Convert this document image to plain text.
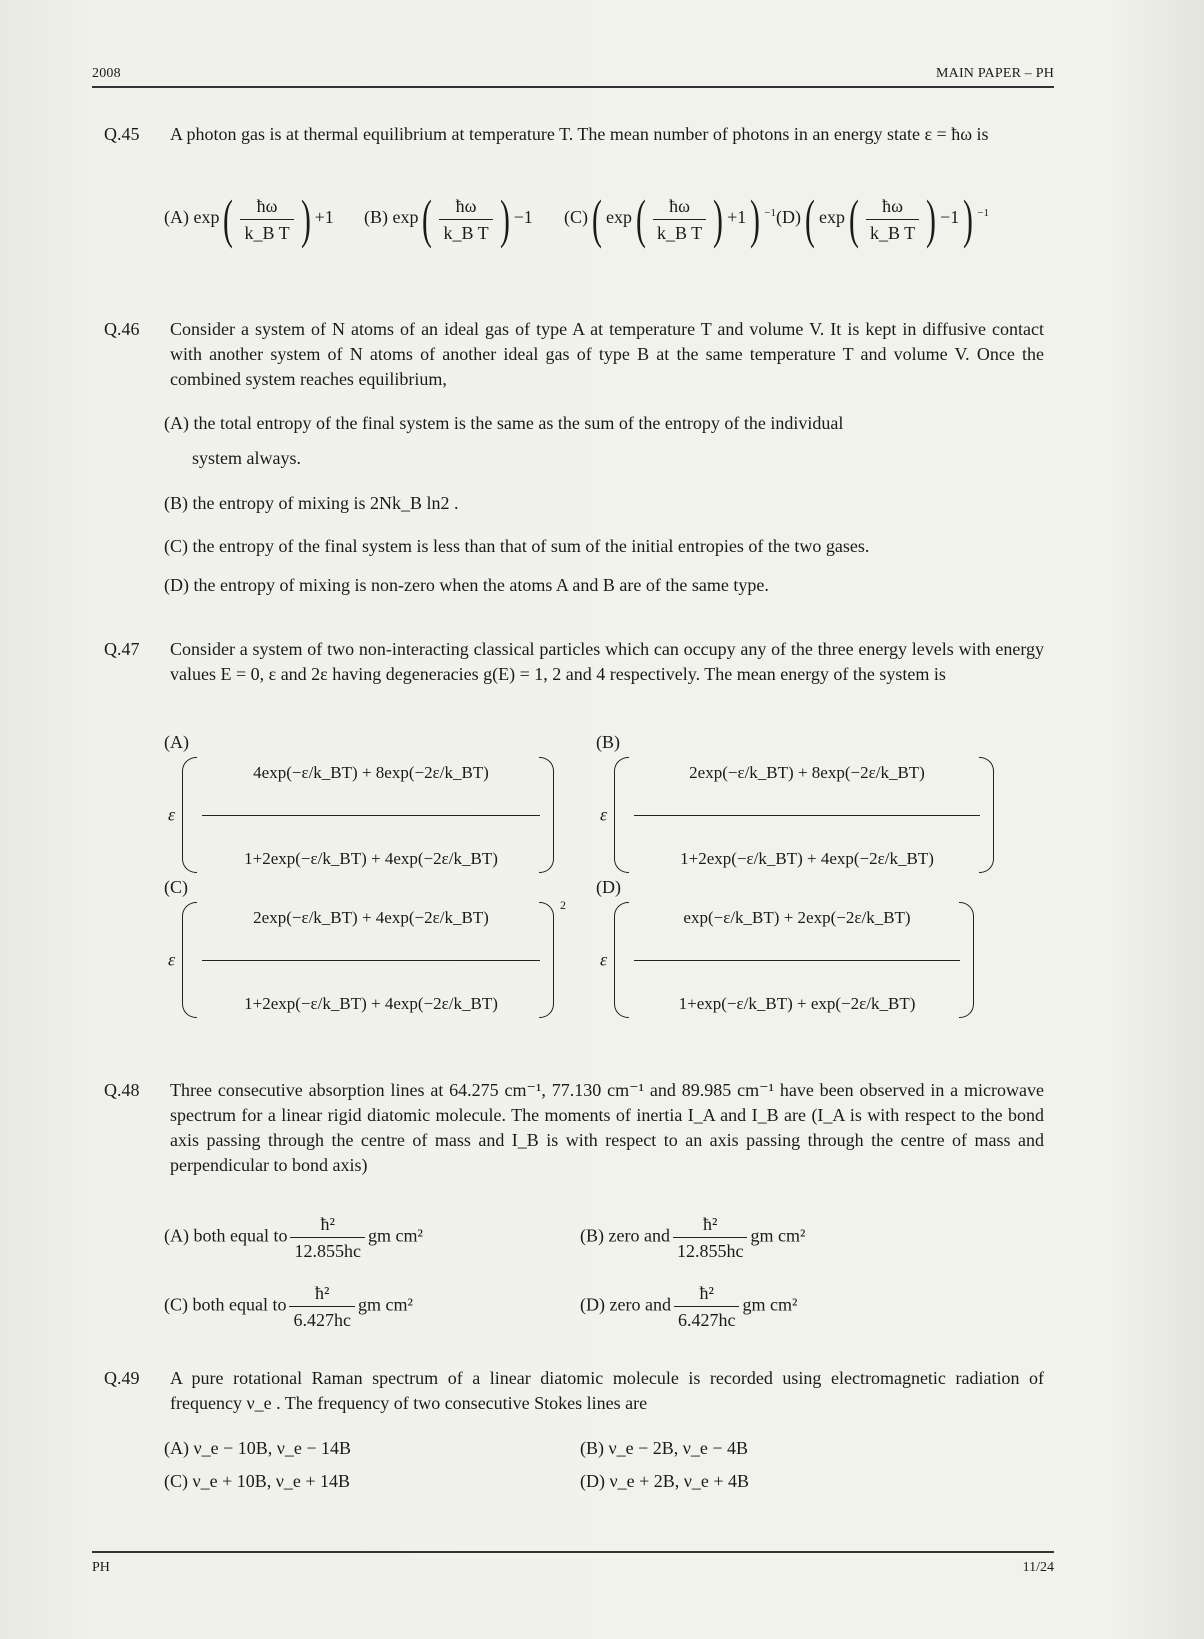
2008	MAIN PAPER – PH
Q.45 A photon gas is at thermal equilibrium at temperature T. The mean number of photons in an energy state ε = ħω is
(A) $\exp( \frac{ħ\omega}{\text{k\_B T}}$ ) +1 (B) $\exp( \frac{ħ\omega}{\text{k\_B T}}$ ) −1 (C)( $\exp( \frac{ħ\omega}{\text{k\_B T}}$ ) +1) $^{-1}$ (D)( $\exp( \frac{ħ\omega}{\text{k\_B T}}$ ) −1) $^{-1}$
Q.46 Consider a system of N atoms of an ideal gas of type A at temperature T and volume V. It is kept in diffusive contact with another system of N atoms of another ideal gas of type B at the same temperature T and volume V. Once the combined system reaches equilibrium,
(A) the total entropy of the final system is the same as the sum of the entropy of the individual
system always.
(B) the entropy of mixing is 2Nk_B ln2 .
(C) the entropy of the final system is less than that of sum of the initial entropies of the two gases.
(D) the entropy of mixing is non-zero when the atoms A and B are of the same type.
Q.47 Consider a system of two non-interacting classical particles which can occupy any of the three energy levels with energy values E = 0, ε and 2ε having degeneracies g(E) = 1, 2 and 4 respectively. The mean energy of the system is
(A)	(B)
(C)	(D)
ε
4exp(−ε/k_BT) + 8exp(−2ε/k_BT)
1+2exp(−ε/k_BT) + 4exp(−2ε/k_BT)
ε
2exp(−ε/k_BT) + 8exp(−2ε/k_BT)
1+2exp(−ε/k_BT) + 4exp(−2ε/k_BT)
ε
2exp(−ε/k_BT) + 4exp(−2ε/k_BT)
1+2exp(−ε/k_BT) + 4exp(−2ε/k_BT)
2
ε
exp(−ε/k_BT) + 2exp(−2ε/k_BT)
1+exp(−ε/k_BT) + exp(−2ε/k_BT)
Q.48 Three consecutive absorption lines at 64.275 cm⁻¹, 77.130 cm⁻¹ and 89.985 cm⁻¹ have been observed in a microwave spectrum for a linear rigid diatomic molecule. The moments of inertia I_A and I_B are (I_A is with respect to the bond axis passing through the centre of mass and I_B is with respect to an axis passing through the centre of mass and perpendicular to bond axis)
(A) both equal to $\frac{\text{ħ²}}{12.855hc}$ gm cm²	(B) zero and $\frac{\text{ħ²}}{12.855hc}$ gm cm²
(C) both equal to $\frac{\text{ħ²}}{6.427hc}$ gm cm²	(D) zero and $\frac{\text{ħ²}}{6.427hc}$ gm cm²
Q.49 A pure rotational Raman spectrum of a linear diatomic molecule is recorded using electromagnetic radiation of frequency ν_e . The frequency of two consecutive Stokes lines are
(A) ν_e − 10B, ν_e − 14B	(B) ν_e − 2B, ν_e − 4B
(C) ν_e + 10B, ν_e + 14B	(D) ν_e + 2B, ν_e + 4B
PH	11/24
